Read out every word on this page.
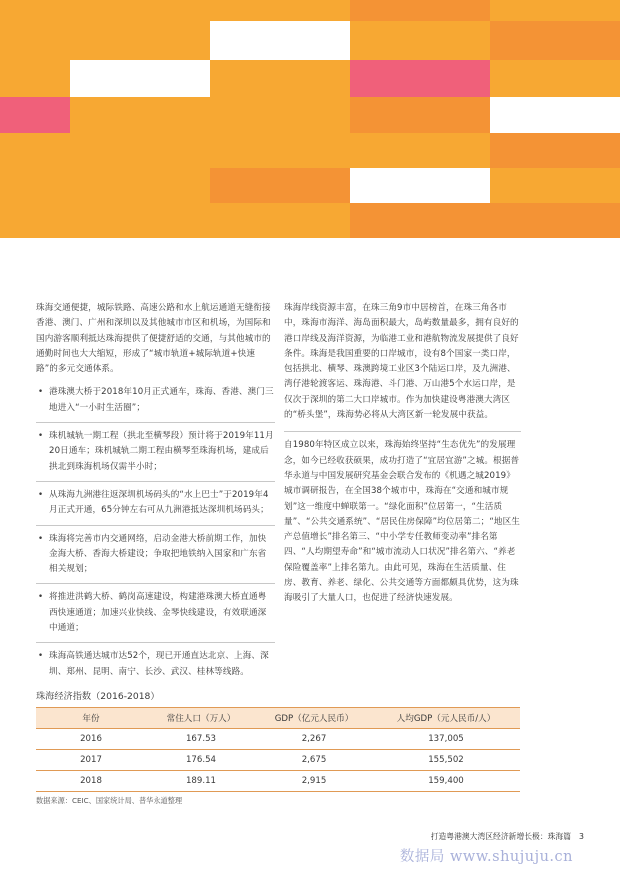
珠海交通便捷，城际铁路、高速公路和水上航运通道无缝衔接香港、澳门、广州和深圳以及其他城市市区和机场，为国际和国内游客顺利抵达珠海提供了便捷舒适的交通，与其他城市的通勤时间也大大缩短，形成了“城市轨道+城际轨道+快速路”的多元交通体系。

• 港珠澳大桥于2018年10月正式通车，珠海、香港、澳门三地进入“一小时生活圈”；
• 珠机城轨一期工程（拱北至横琴段）预计将于2019年11月20日通车；珠机城轨二期工程由横琴至珠海机场，建成后拱北到珠海机场仅需半小时；
• 从珠海九洲港往返深圳机场码头的“水上巴士”于2019年4月正式开通，65分钟左右可从九洲港抵达深圳机场码头；
• 珠海将完善市内交通网络，启动金港大桥前期工作，加快金海大桥、香海大桥建设；争取把地铁纳入国家和广东省相关规划；
• 将推进洪鹤大桥、鹤岗高速建设，构建港珠澳大桥直通粤西快速通道；加速兴业快线、金琴快线建设，有效联通深中通道；
• 珠海高铁通达城市达52个，现已开通直达北京、上海、深圳、郑州、昆明、南宁、长沙、武汉、桂林等线路。

珠海岸线资源丰富，在珠三角9市中居榜首，在珠三角各市中，珠海市海洋、海岛面积最大，岛屿数量最多，拥有良好的港口岸线及海洋资源，为临港工业和港航物流发展提供了良好条件。珠海是我国重要的口岸城市，设有8个国家一类口岸，包括拱北、横琴、珠澳跨境工业区3个陆运口岸，及九洲港、湾仔港轮渡客运、珠海港、斗门港、万山港5个水运口岸，是仅次于深圳的第二大口岸城市。作为加快建设粤港澳大湾区的“桥头堡”，珠海势必将从大湾区新一轮发展中获益。

自1980年特区成立以来，珠海始终坚持“生态优先”的发展理念，如今已经收获硕果，成功打造了“宜居宜游”之城。根据普华永道与中国发展研究基金会联合发布的《机遇之城2019》城市调研报告，在全国38个城市中，珠海在“交通和城市规划”这一维度中蝉联第一。“绿化面积”位居第一，“生活质量”、“公共交通系统”、“居民住房保障”均位居第二；“地区生产总值增长”排名第三、“中小学专任教师变动率”排名第四、“人均期望寿命”和“城市流动人口状况”排名第六、“养老保险覆盖率”上排名第九。由此可见，珠海在生活质量、住房、教育、养老、绿化、公共交通等方面都颇具优势，这为珠海吸引了大量人口，也促进了经济快速发展。

珠海经济指数（2016-2018）
年份	常住人口（万人）	GDP（亿元人民币）	人均GDP（元人民币/人）
2016	167.53	2,267	137,005
2017	176.54	2,675	155,502
2018	189.11	2,915	159,400
数据来源：CEIC、国家统计局、普华永道整理
打造粤港澳大湾区经济新增长极：珠海篇 3
数据局 www.shujuju.cn
